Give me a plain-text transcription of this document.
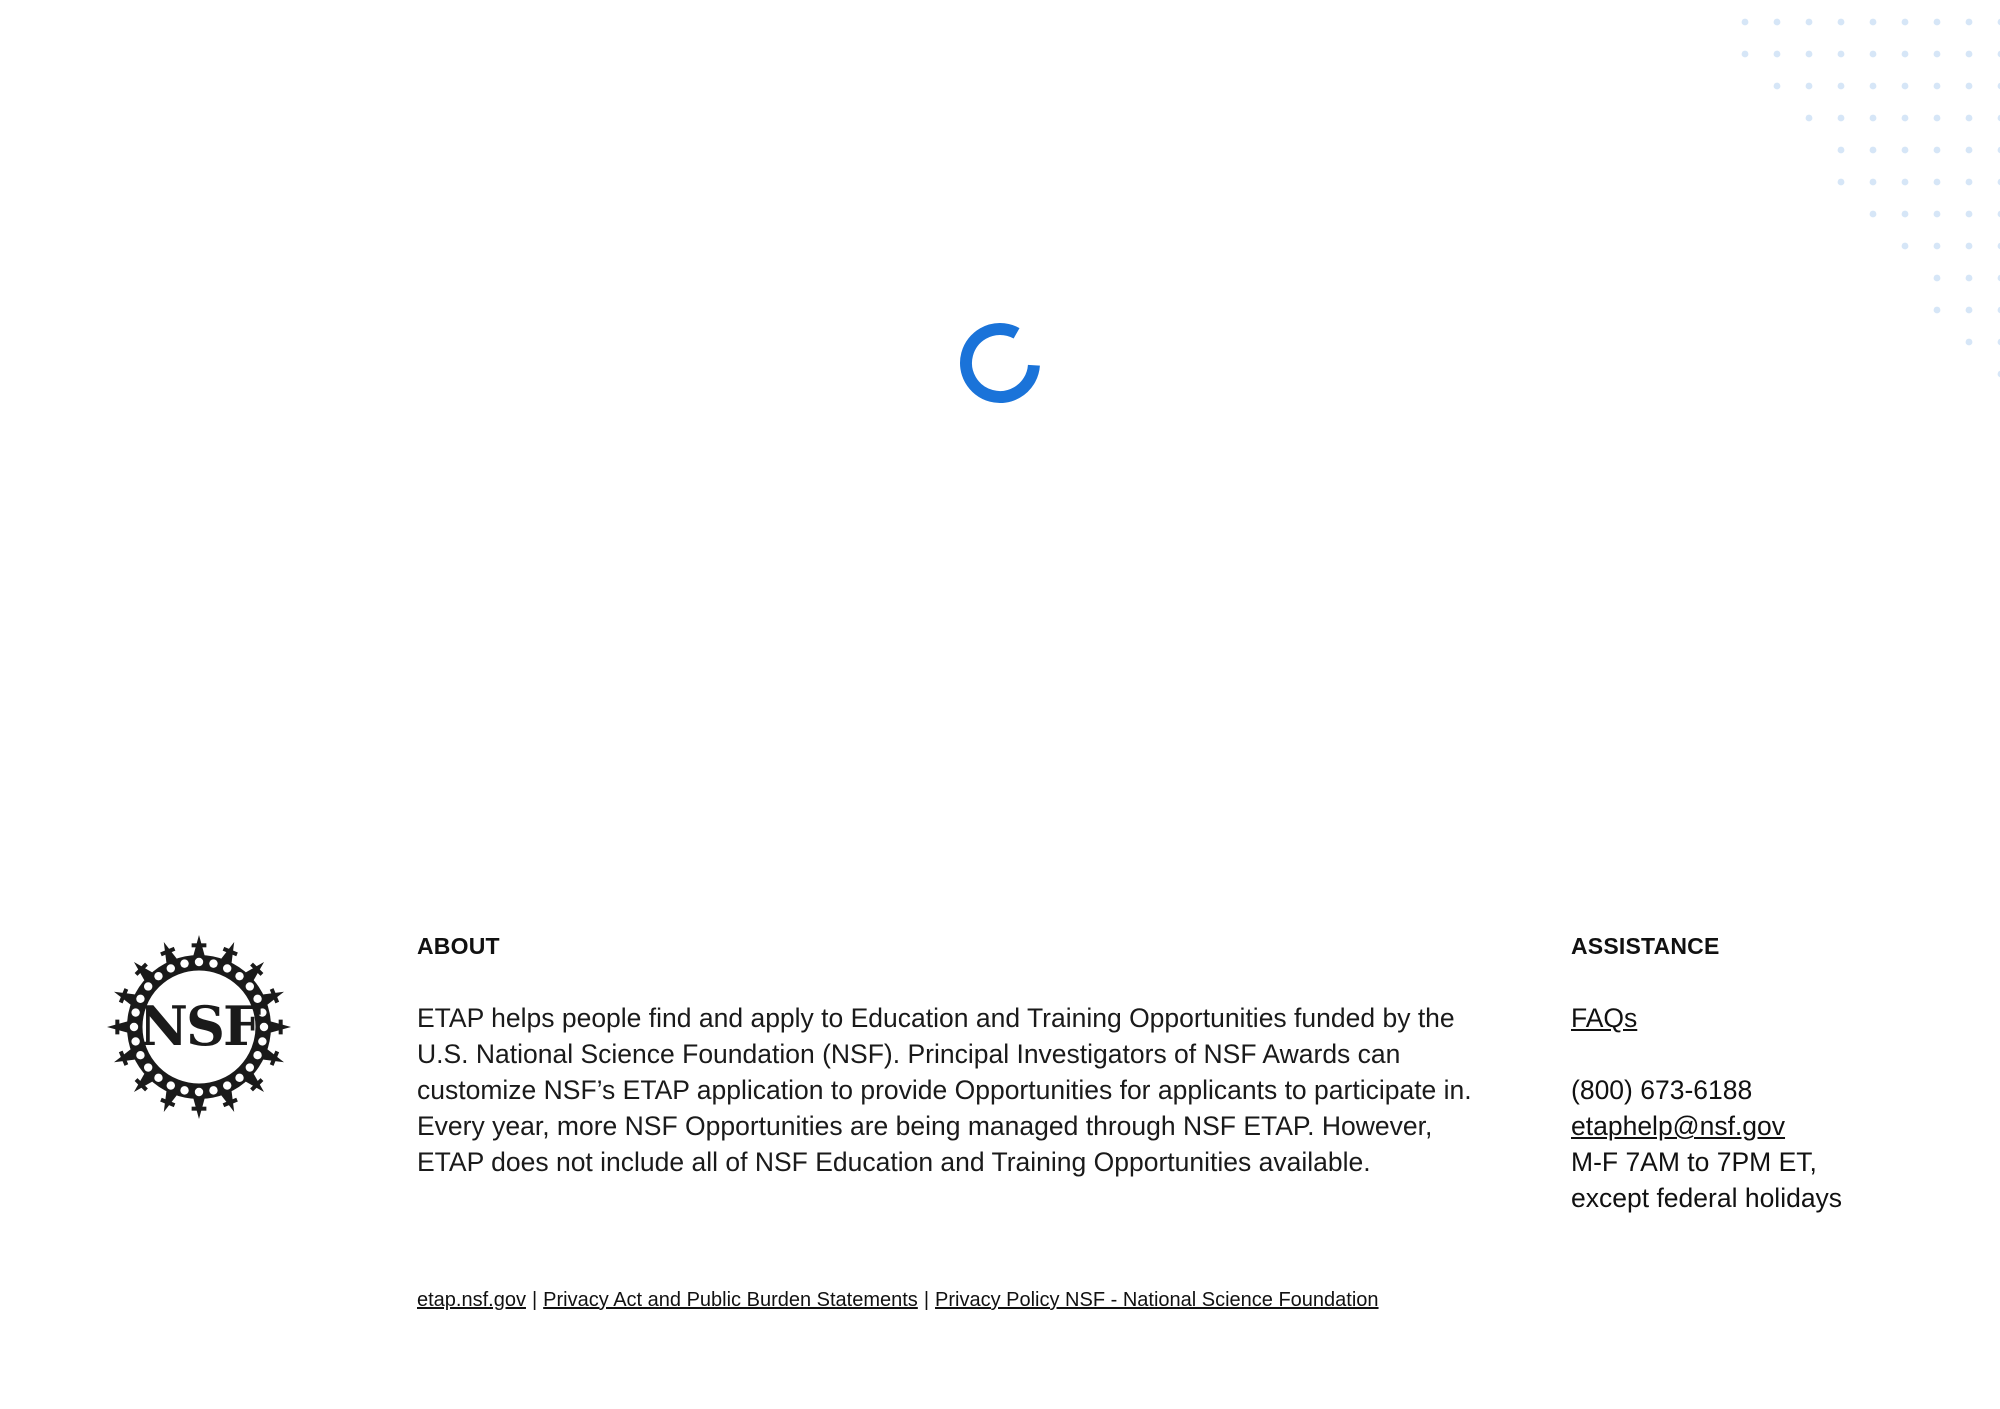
NSF
ABOUT

ETAP helps people find and apply to Education and Training Opportunities funded by the U.S. National Science Foundation (NSF). Principal Investigators of NSF Awards can customize NSF’s ETAP application to provide Opportunities for applicants to participate in. Every year, more NSF Opportunities are being managed through NSF ETAP. However, ETAP does not include all of NSF Education and Training Opportunities available.

ASSISTANCE
FAQs
(800) 673-6188
etaphelp@nsf.gov
M-F 7AM to 7PM ET,
except federal holidays
etap.nsf.gov | Privacy Act and Public Burden Statements | Privacy Policy NSF - National Science Foundation
